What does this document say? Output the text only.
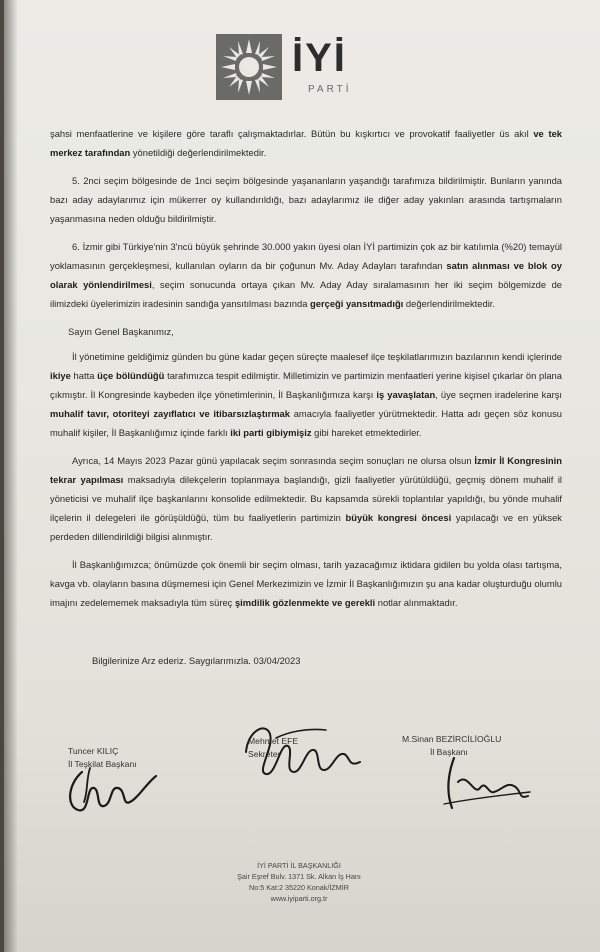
İYİ
PARTİ

şahsi menfaatlerine ve kişilere göre taraflı çalışmaktadırlar. Bütün bu kışkırtıcı ve provokatif faaliyetler üs akıl ve tek merkez tarafından yönetildiği değerlendirilmektedir.

5. 2nci seçim bölgesinde de 1nci seçim bölgesinde yaşananların yaşandığı tarafımıza bildirilmiştir. Bunların yanında bazı aday adaylarımız için mükerrer oy kullandırıldığı, bazı adaylarımız ile diğer aday yakınları arasında tartışmaların yaşanmasına neden olduğu bildirilmiştir.

6. İzmir gibi Türkiye'nin 3'ncü büyük şehrinde 30.000 yakın üyesi olan İYİ partimizin çok az bir katılımla (%20) temayül yoklamasının gerçekleşmesi, kullanılan oyların da bir çoğunun Mv. Aday Adayları tarafından satın alınması ve blok oy olarak yönlendirilmesi, seçim sonucunda ortaya çıkan Mv. Aday Aday sıralamasının her iki seçim bölgemizde de ilimizdeki üyelerimizin iradesinin sandığa yansıtılması bazında gerçeği yansıtmadığı değerlendirilmektedir.

Sayın Genel Başkanımız,

İl yönetimine geldiğimiz günden bu güne kadar geçen süreçte maalesef ilçe teşkilatlarımızın bazılarının kendi içlerinde ikiye hatta üçe bölündüğü tarafımızca tespit edilmiştir. Milletimizin ve partimizin menfaatleri yerine kişisel çıkarlar ön plana çıkmıştır. İl Kongresinde kaybeden ilçe yönetimlerinin, İl Başkanlığımıza karşı iş yavaşlatan, üye seçmen iradelerine karşı muhalif tavır, otoriteyi zayıflatıcı ve itibarsızlaştırmak amacıyla faaliyetler yürütmektedir. Hatta adı geçen söz konusu muhalif kişiler, İl Başkanlığımız içinde farklı iki parti gibiymişiz gibi hareket etmektedirler.

Ayrıca, 14 Mayıs 2023 Pazar günü yapılacak seçim sonrasında seçim sonuçları ne olursa olsun İzmir İl Kongresinin tekrar yapılması maksadıyla dilekçelerin toplanmaya başlandığı, gizli faaliyetler yürütüldüğü, geçmiş dönem muhalif il yöneticisi ve muhalif ilçe başkanlarını konsolide edilmektedir. Bu kapsamda sürekli toplantılar yapıldığı, bu yönde muhalif ilçelerin il delegeleri ile görüşüldüğü, tüm bu faaliyetlerin partimizin büyük kongresi öncesi yapılacağı ve en yüksek perdeden dillendirildiği bilgisi alınmıştır.

İl Başkanlığımızca; önümüzde çok önemli bir seçim olması, tarih yazacağımız iktidara gidilen bu yolda olası tartışma, kavga vb. olayların basına düşmemesi için Genel Merkezimizin ve İzmir İl Başkanlığımızın şu ana kadar oluşturduğu olumlu imajını zedelememek maksadıyla tüm süreç şimdilik gözlenmekte ve gerekli notlar alınmaktadır.

Bilgilerinize Arz ederiz. Saygılarımızla. 03/04/2023
Tuncer KILIÇ
İl Teşkilat Başkanı
Mehmet EFE
Sekreter
M.Sinan BEZİRCİLİOĞLU
İl Başkanı
İYİ PARTİ İL BAŞKANLIĞI
Şair Eşref Bulv. 1371 Sk. Alkan İş Hanı
No:5 Kat:2 35220 Konak/İZMİR
www.iyiparti.org.tr
